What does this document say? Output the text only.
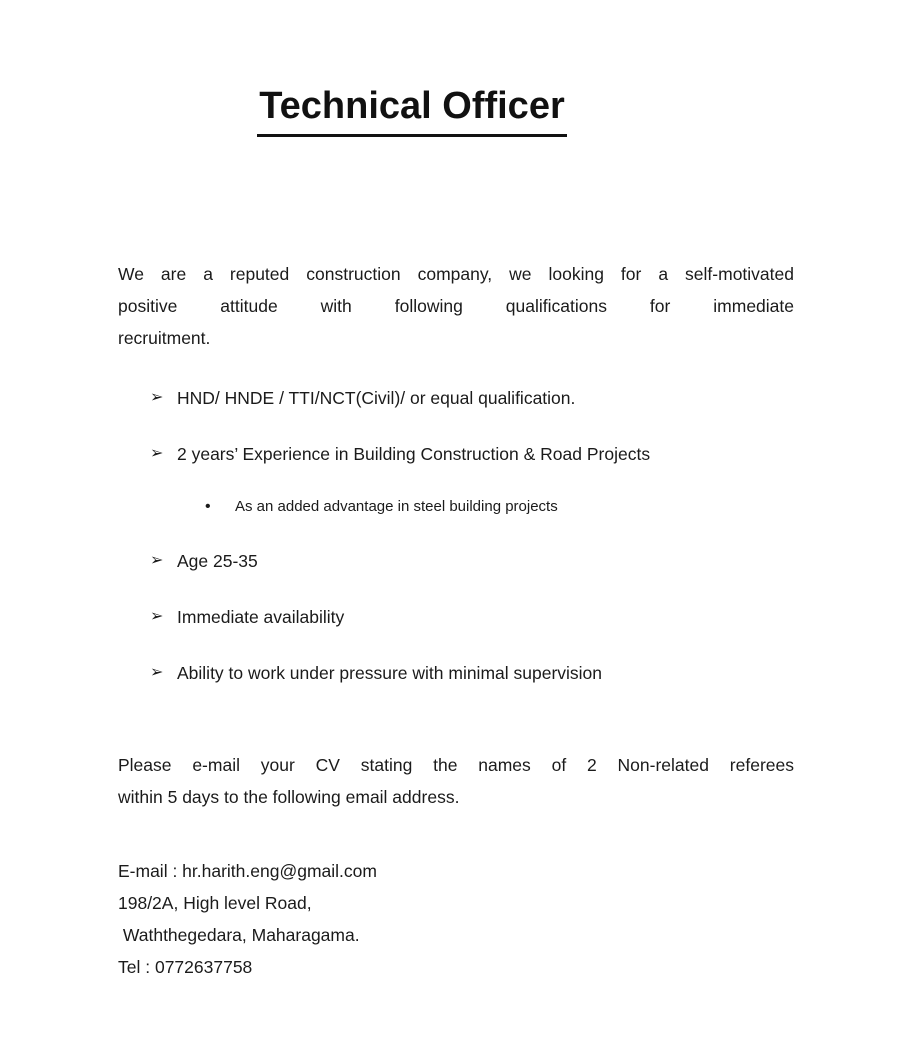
Technical Officer
We are a reputed construction company, we looking for a self-motivated
positive attitude with following qualifications for immediate
recruitment.
➢ HND/ HNDE / TTI/NCT(Civil)/ or equal qualification.
➢ 2 years’ Experience in Building Construction & Road Projects
•	As an added advantage in steel building projects
➢ Age 25-35
➢ Immediate availability
➢ Ability to work under pressure with minimal supervision
Please e-mail your CV stating the names of 2 Non-related referees
within 5 days to the following email address.
E-mail : hr.harith.eng@gmail.com
198/2A, High level Road,
Waththegedara, Maharagama.
Tel : 0772637758
